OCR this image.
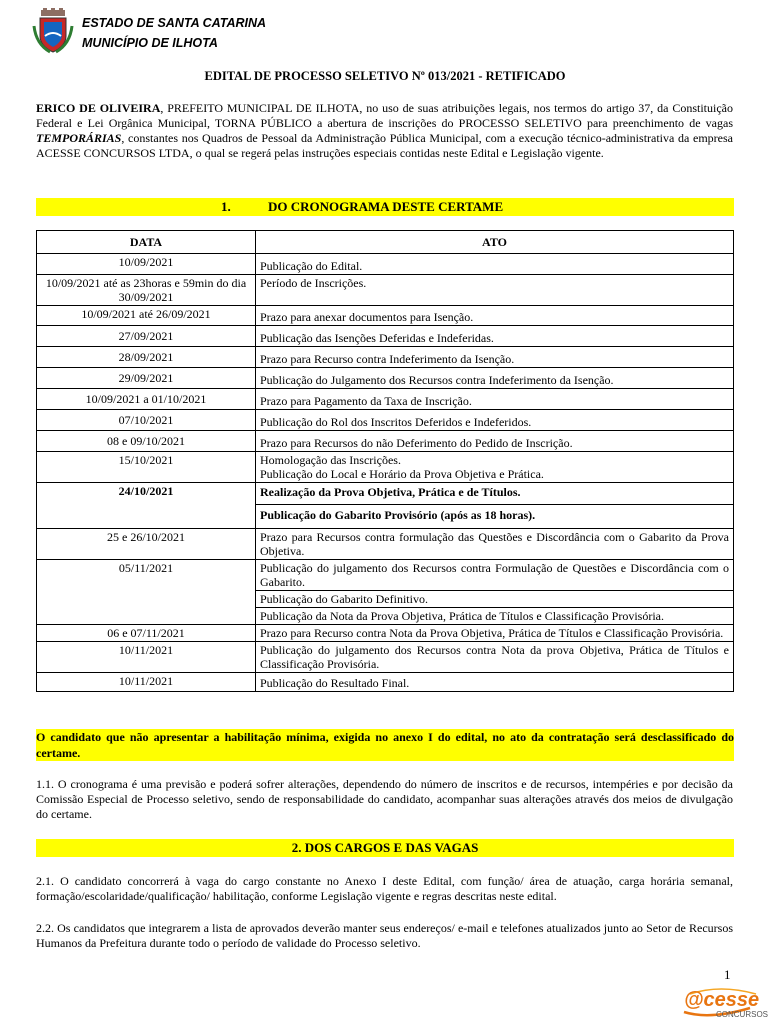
ESTADO DE SANTA CATARINA
MUNICÍPIO DE ILHOTA
EDITAL DE PROCESSO SELETIVO Nº 013/2021 - RETIFICADO
ERICO DE OLIVEIRA, PREFEITO MUNICIPAL DE ILHOTA, no uso de suas atribuições legais, nos termos do artigo 37, da Constituição Federal e Lei Orgânica Municipal, TORNA PÚBLICO a abertura de inscrições do PROCESSO SELETIVO para preenchimento de vagas TEMPORÁRIAS, constantes nos Quadros de Pessoal da Administração Pública Municipal, com a execução técnico-administrativa da empresa ACESSE CONCURSOS LTDA, o qual se regerá pelas instruções especiais contidas neste Edital e Legislação vigente.
1.	DO CRONOGRAMA DESTE CERTAME
DATA	ATO
10/09/2021	Publicação do Edital.
10/09/2021 até as 23horas e 59min do dia 30/09/2021	Período de Inscrições.
10/09/2021 até 26/09/2021	Prazo para anexar documentos para Isenção.
27/09/2021	Publicação das Isenções Deferidas e Indeferidas.
28/09/2021	Prazo para Recurso contra Indeferimento da Isenção.
29/09/2021	Publicação do Julgamento dos Recursos contra Indeferimento da Isenção.
10/09/2021 a 01/10/2021	Prazo para Pagamento da Taxa de Inscrição.
07/10/2021	Publicação do Rol dos Inscritos Deferidos e Indeferidos.
08 e 09/10/2021	Prazo para Recursos do não Deferimento do Pedido de Inscrição.
15/10/2021	Homologação das Inscrições.
Publicação do Local e Horário da Prova Objetiva e Prática.

24/10/2021	Realização da Prova Objetiva, Prática e de Títulos.
Publicação do Gabarito Provisório (após as 18 horas).

25 e 26/10/2021	Prazo para Recursos contra formulação das Questões e Discordância com o Gabarito da Prova Objetiva.
05/11/2021	Publicação do julgamento dos Recursos contra Formulação de Questões e Discordância com o Gabarito.
Publicação do Gabarito Definitivo.
Publicação da Nota da Prova Objetiva, Prática de Títulos e Classificação Provisória.

06 e 07/11/2021	Prazo para Recurso contra Nota da Prova Objetiva, Prática de Títulos e Classificação Provisória.
10/11/2021	Publicação do julgamento dos Recursos contra Nota da prova Objetiva, Prática de Títulos e Classificação Provisória.
10/11/2021	Publicação do Resultado Final.
O candidato que não apresentar a habilitação mínima, exigida no anexo I do edital, no ato da contratação será desclassificado do certame.
1.1. O cronograma é uma previsão e poderá sofrer alterações, dependendo do número de inscritos e de recursos, intempéries e por decisão da Comissão Especial de Processo seletivo, sendo de responsabilidade do candidato, acompanhar suas alterações através dos meios de divulgação do certame.
2. DOS CARGOS E DAS VAGAS
2.1. O candidato concorrerá à vaga do cargo constante no Anexo I deste Edital, com função/ área de atuação, carga horária semanal, formação/escolaridade/qualificação/ habilitação, conforme Legislação vigente e regras descritas neste edital.
2.2. Os candidatos que integrarem a lista de aprovados deverão manter seus endereços/ e-mail e telefones atualizados junto ao Setor de Recursos Humanos da Prefeitura durante todo o período de validade do Processo seletivo.
1
@cesse
CONCURSOS
